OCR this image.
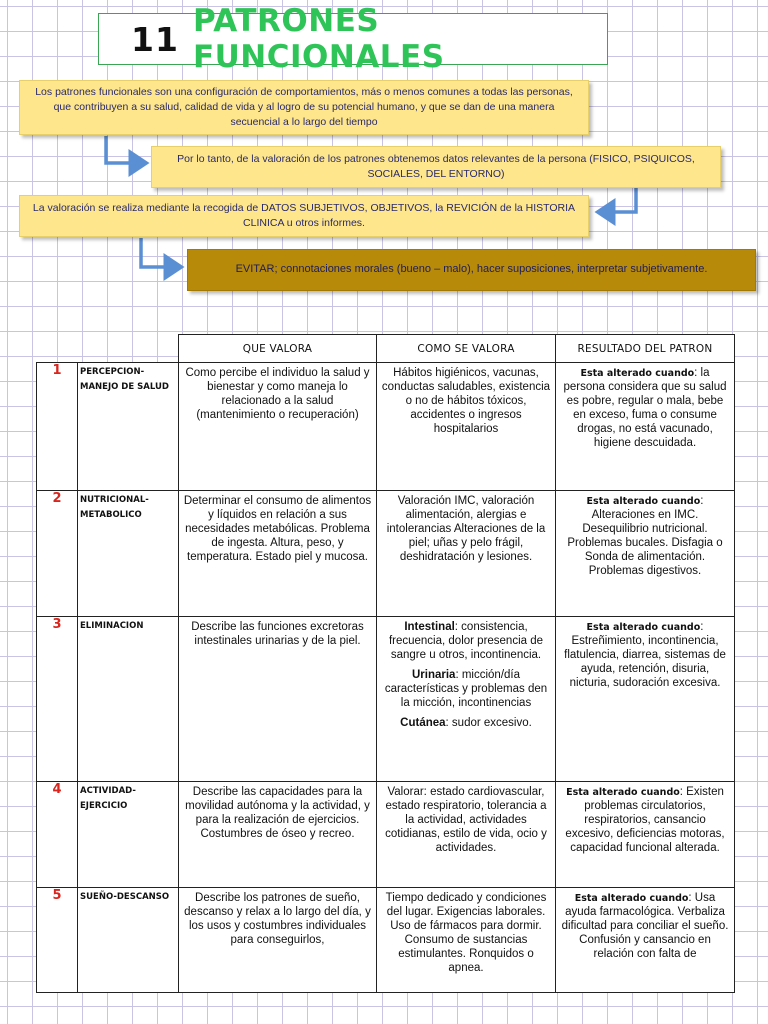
11 PATRONES FUNCIONALES
Los patrones funcionales son una configuración de comportamientos, más o menos comunes a todas las personas, que contribuyen a su salud, calidad de vida y al logro de su potencial humano, y que se dan de una manera secuencial a lo largo del tiempo
Por lo tanto, de la valoración de los patrones obtenemos datos relevantes de la persona (FISICO, PSIQUICOS, SOCIALES, DEL ENTORNO)
La valoración se realiza mediante la recogida de DATOS SUBJETIVOS, OBJETIVOS, la REVICIÓN de la HISTORIA CLINICA u otros informes.
EVITAR; connotaciones morales (bueno – malo), hacer suposiciones, interpretar subjetivamente.
		QUE VALORA	COMO SE VALORA	RESULTADO DEL PATRON
1	PERCEPCION-MANEJO DE SALUD	Como percibe el individuo la salud y bienestar y como maneja lo relacionado a la salud (mantenimiento o recuperación)	Hábitos higiénicos, vacunas, conductas saludables, existencia o no de hábitos tóxicos, accidentes o ingresos hospitalarios	Esta alterado cuando: la persona considera que su salud es pobre, regular o mala, bebe en exceso, fuma o consume drogas, no está vacunado, higiene descuidada.
2	NUTRICIONAL-METABOLICO	Determinar el consumo de alimentos y líquidos en relación a sus necesidades metabólicas. Problema de ingesta. Altura, peso, y temperatura. Estado piel y mucosa.	Valoración IMC, valoración alimentación, alergias e intolerancias Alteraciones de la piel; uñas y pelo frágil, deshidratación y lesiones.	Esta alterado cuando: Alteraciones en IMC. Desequilibrio nutricional. Problemas bucales. Disfagia o Sonda de alimentación. Problemas digestivos.
3	ELIMINACION	Describe las funciones excretoras intestinales urinarias y de la piel.	Intestinal: consistencia, frecuencia, dolor presencia de sangre u otros, incontinencia.
Urinaria: micción/día características y problemas den la micción, incontinencias
Cutánea: sudor excesivo.	Esta alterado cuando: Estreñimiento, incontinencia, flatulencia, diarrea, sistemas de ayuda, retención, disuria, nicturia, sudoración excesiva.
4	ACTIVIDAD-EJERCICIO	Describe las capacidades para la movilidad autónoma y la actividad, y para la realización de ejercicios. Costumbres de óseo y recreo.	Valorar: estado cardiovascular, estado respiratorio, tolerancia a la actividad, actividades cotidianas, estilo de vida, ocio y actividades.	Esta alterado cuando: Existen problemas circulatorios, respiratorios, cansancio excesivo, deficiencias motoras, capacidad funcional alterada.
5	SUEÑO-DESCANSO	Describe los patrones de sueño, descanso y relax a lo largo del día, y los usos y costumbres individuales para conseguirlos,	Tiempo dedicado y condiciones del lugar. Exigencias laborales. Uso de fármacos para dormir. Consumo de sustancias estimulantes. Ronquidos o apnea.	Esta alterado cuando: Usa ayuda farmacológica. Verbaliza dificultad para conciliar el sueño. Confusión y cansancio en relación con falta de
